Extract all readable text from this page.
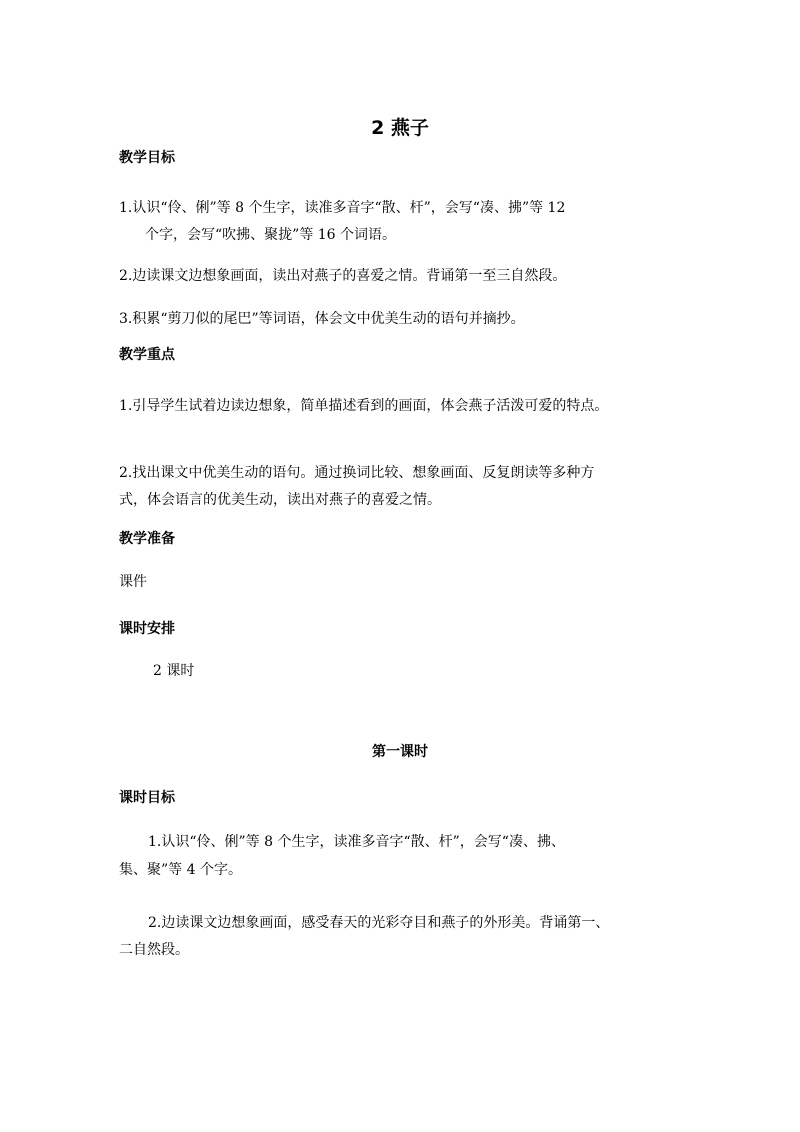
2 燕子
教学目标
1.认识“伶、俐”等 8 个生字，读准多音字“散、杆”，会写“凑、拂”等 12
个字，会写“吹拂、聚拢”等 16 个词语。
2.边读课文边想象画面，读出对燕子的喜爱之情。背诵第一至三自然段。
3.积累“剪刀似的尾巴”等词语，体会文中优美生动的语句并摘抄。
教学重点
1.引导学生试着边读边想象，简单描述看到的画面，体会燕子活泼可爱的特点。
2.找出课文中优美生动的语句。通过换词比较、想象画面、反复朗读等多种方
式，体会语言的优美生动，读出对燕子的喜爱之情。
教学准备
课件
课时安排
2 课时
第一课时
课时目标
1.认识“伶、俐”等 8 个生字，读准多音字“散、杆”，会写“凑、拂、
集、聚”等 4 个字。
2.边读课文边想象画面，感受春天的光彩夺目和燕子的外形美。背诵第一、
二自然段。
